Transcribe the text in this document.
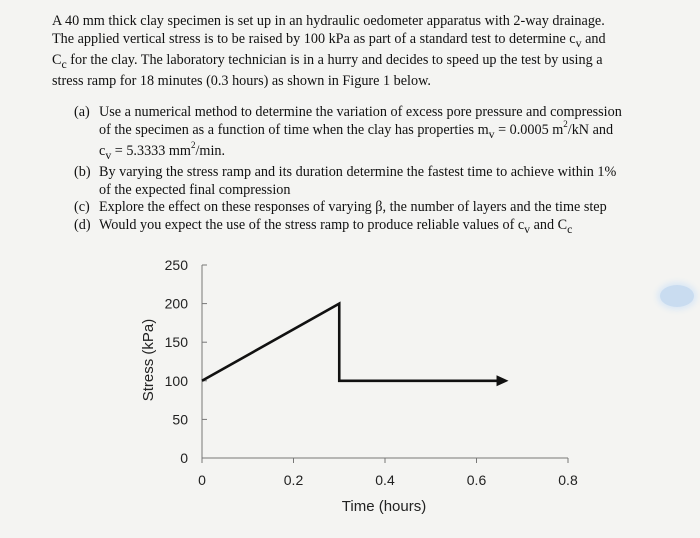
A 40 mm thick clay specimen is set up in an hydraulic oedometer apparatus with 2-way drainage.
The applied vertical stress is to be raised by 100 kPa as part of a standard test to determine $c_v$ and
$C_c$ for the clay. The laboratory technician is in a hurry and decides to speed up the test by using a
stress ramp for 18 minutes (0.3 hours) as shown in Figure 1 below.

(a) Use a numerical method to determine the variation of excess pore pressure and compression
of the specimen as a function of time when the clay has properties $m_v = 0.0005$ $m^2/kN$ and
$c_v = 5.3333$ $mm^2/\min$.
(b) By varying the stress ramp and its duration determine the fastest time to achieve within 1%
of the expected final compression
(c) Explore the effect on these responses of varying β, the number of layers and the time step
(d) Would you expect the use of the stress ramp to produce reliable values of $c_v$ and $C_c$
0
50
100
150
200
250
0	0.2	0.4	0.6	0.8
Time (hours)
Stress (kPa)
